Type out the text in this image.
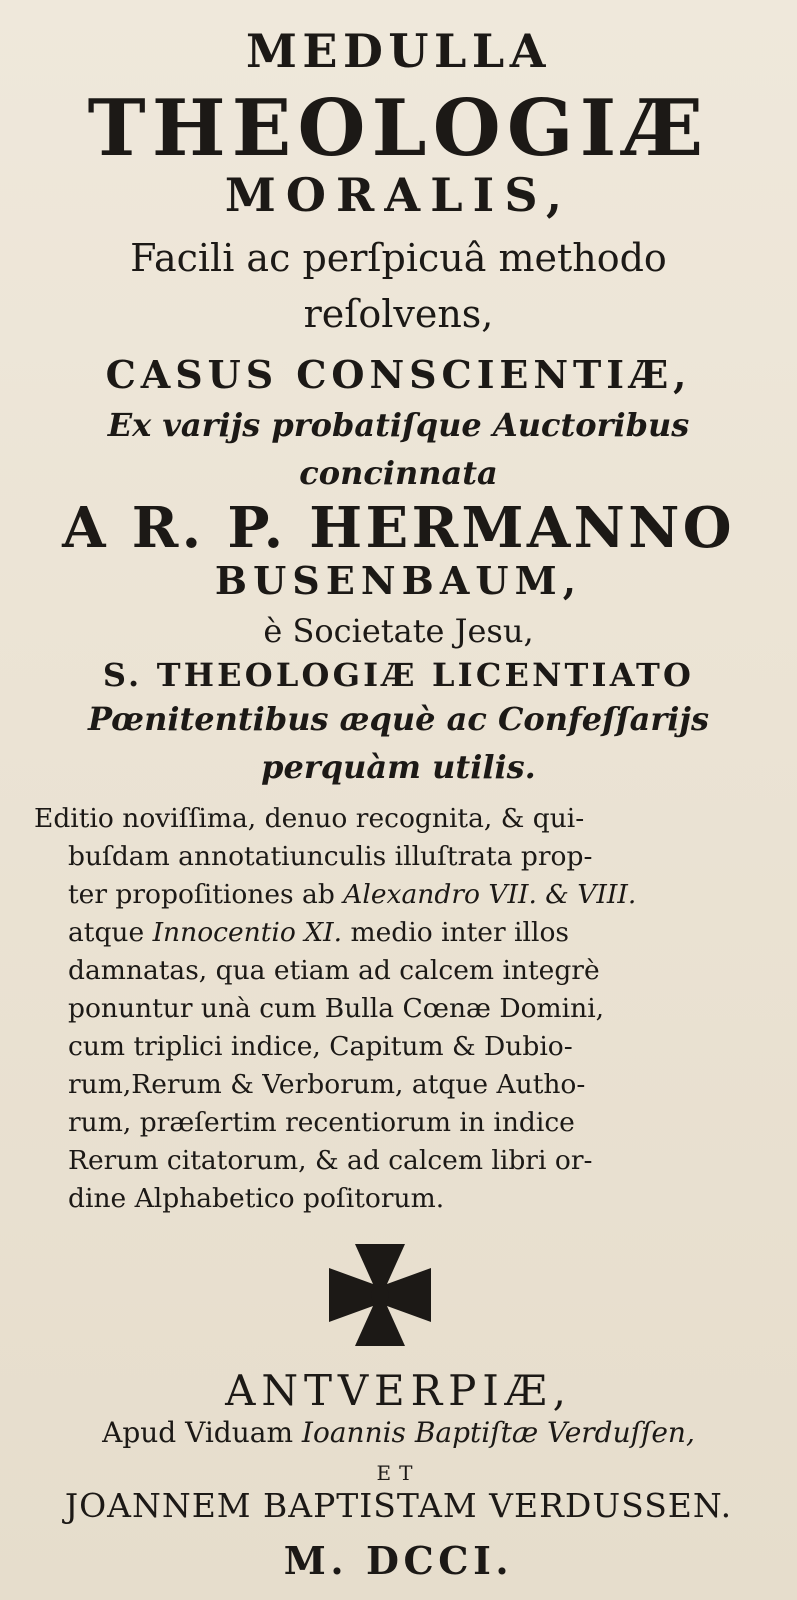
MEDULLA
THEOLOGIÆ
MORALIS,
Facili ac perſpicuâ methodo
reſolvens,
CASUS CONSCIENTIÆ,
Ex varijs probatiſque Auctoribus
concinnata
A R. P. HERMANNO
BUSENBAUM,
è Societate Jesu,
S. THEOLOGIÆ LICENTIATO
Pœnitentibus æquè ac Confeſſarijs
perquàm utilis.
Editio noviſſima, denuo recognita, & qui-
buſdam annotatiunculis illuſtrata prop-
ter propoſitiones ab Alexandro VII. & VIII.
atque Innocentio XI. medio inter illos
damnatas, qua etiam ad calcem integrè
ponuntur unà cum Bulla Cœnæ Domini,
cum triplici indice, Capitum & Dubio-
rum,Rerum & Verborum, atque Autho-
rum, præſertim recentiorum in indice
Rerum citatorum, & ad calcem libri or-
dine Alphabetico poſitorum.
ANTVERPIÆ,
Apud Viduam Ioannis Baptiſtæ Verduſſen,
ET
JOANNEM BAPTISTAM VERDUSSEN.
M. DCCI.
